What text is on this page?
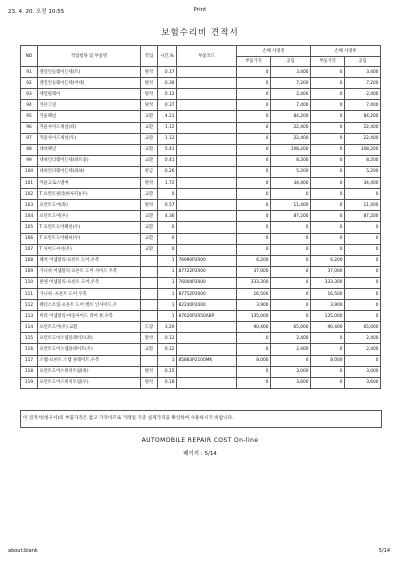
23. 4. 20. 오전 10:55	Print
보험수리비 견적서
NO	작업항목 및 부품명	작업	시간,%	부품코드	손해 사정전		손해 사정후	
					부품가격	공임	부품가격	공임
91	엔진언들레이든테(트)	탈착	0.17		0	3,400	0	3,400
92	엔진언들레이든테(어대)	탈착	0.36		0	7,200	0	7,200
93	에얼필레이	탈착	0.12		0	2,400	0	2,400
94	카본그릴	탈착	0.37		0	7,400	0	7,400
95	카울패널	교환	4.21		0	84,200	0	84,200
96	카울사이드세널(좌)	교환	1.12		0	22,400	0	22,400
97	카울사이드세널(우)	교환	1.12		0	22,400	0	22,400
98	대쉬패널	교환	5.41		0	108,200	0	108,200
99	대쉬언더레이든테(좌트용)	교환	0.41		0	8,200	0	8,200
100	대쉬언더레이든테(좌/4)	판금	0.26		0	5,200	0	5,200
101	카울크로스멤버	탈착	1.72		0	34,400	0	34,400
102	T 프런트필러(바루터)(우)	교환	0		0	0	0	0
103	프런트도어(좌)	탈착	0.57		0	11,400	0	11,400
104	프런트도어(우)	교환	4.36		0	87,200	0	87,200
105	T 프런트도어패널(우)	교환	0		0	0	0	0
106	T 프런트도어쉘씨(우)	교환	0		0	0	0	0
107	T 사이드씨서(우)	교환	0		0	0	0	0
108	패커 어셈블리-프론트 도어,우측		1	76990P2000	6,200	0	6,200	0
109	가니쉬 어셈블리-프론트 도어 사이드 우측		1	87722P2000	37,000	0	37,000	0
110	판넬 어셈블리-프론트 도어,우측		1	76004P2000	333,300	0	333,300	0
111	가니쉬 -프론트 도어 우측		1	87752P2000	16,500	0	16,500	0
112	웨더스트립-프론트 도어 벨트 인사이드,우		1	82240P2000	3,900	0	3,900	0
113	미러 어셈블리-아웃사이드 리어 뷰,우측		1	87620P2050ABP	135,000	0	135,000	0
114	프런트도어(우) 교환	도장	3.20		90,400	65,000	90,400	65,000
115	프런트도어스넵플레이트(좌)	탈착	0.12		0	2,400	0	2,400
116	프런트도어스넵플레이트(우)	교환	0.12		0	2,400	0	2,400
117	스탭-프론트 스텝 플레이트,우측		1	85883P2100MK	8,000	0	8,000	0
118	프런트도어스위치트림(좌)	탈착	0.15		0	3,000	0	3,000
119	프런트도어스위치트림(우)	탈착	0.18		0	3,600	0	3,600
이 견적서(청구서)의 부품가격은 참고 가격이므로 거래일 기준 실제가격을 확인하여 사용하시기 바랍니다.
AUTOMOBILE REPAIR COST On-line
페이지 : 5/14
about:blank	5/14
